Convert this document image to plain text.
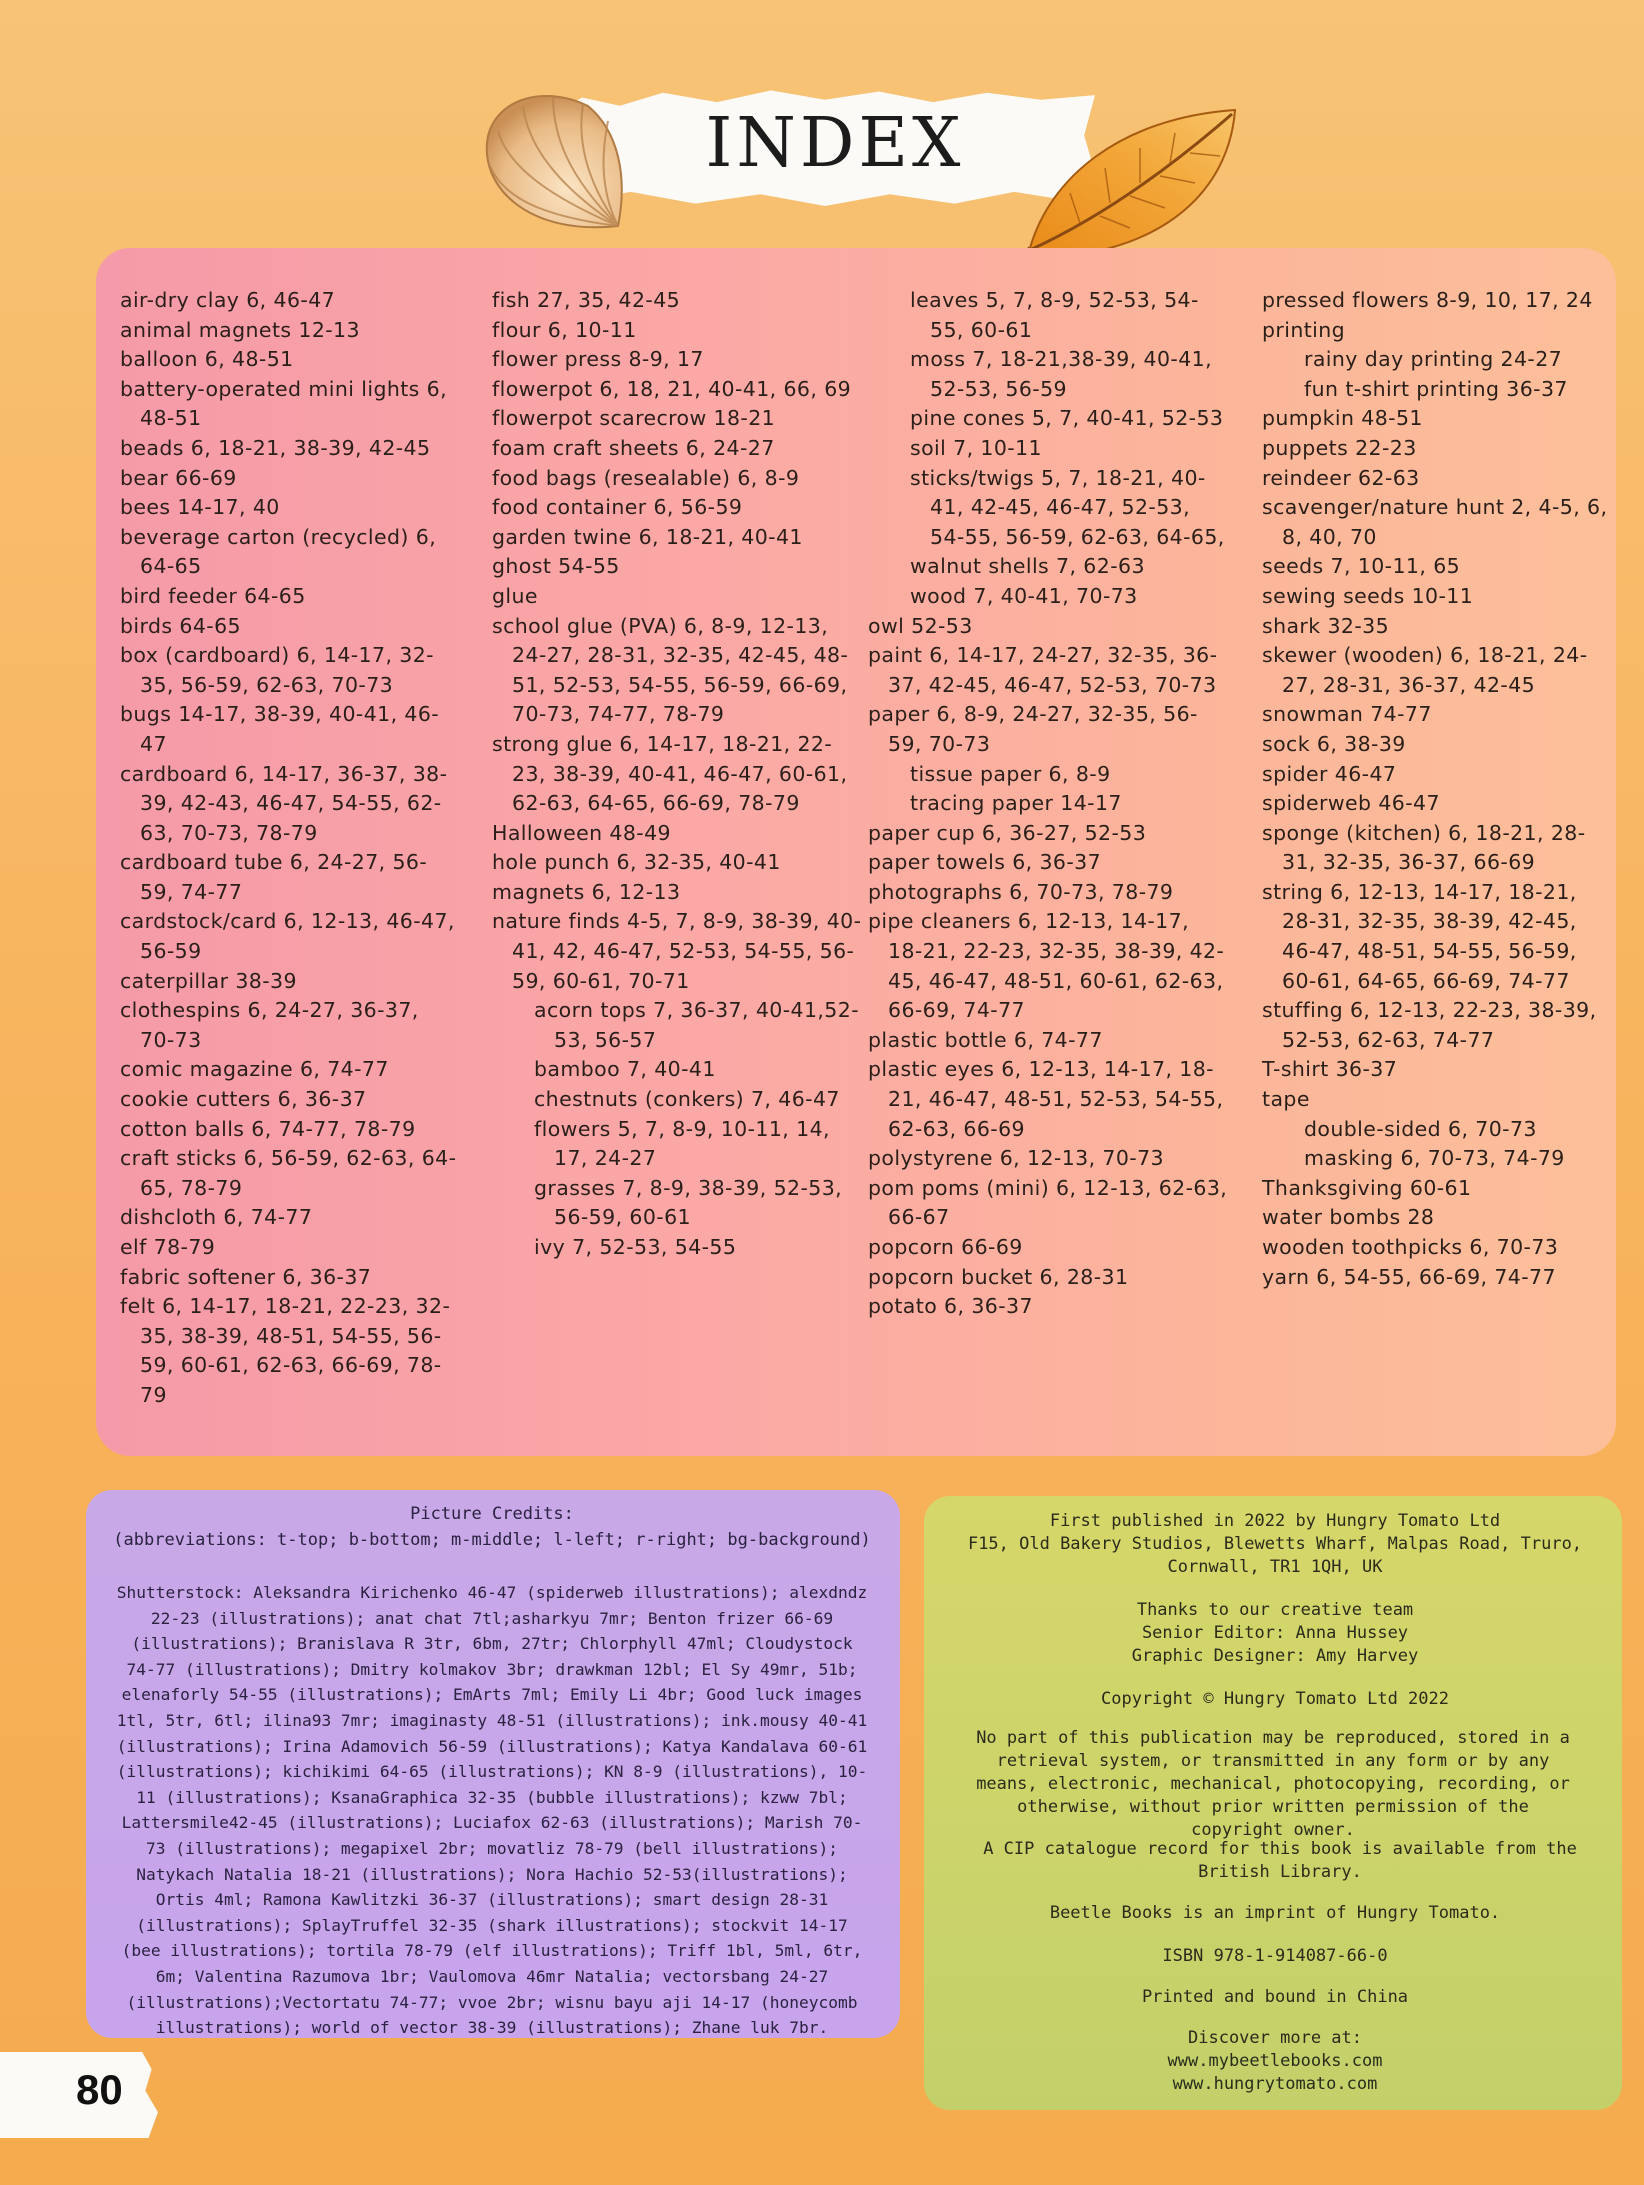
INDEX

air-dry clay 6, 46-47

animal magnets 12-13

balloon 6, 48-51

battery-operated mini lights 6, 48-51

beads 6, 18-21, 38-39, 42-45

bear 66-69

bees 14-17, 40

beverage carton (recycled) 6, 64-65

bird feeder 64-65

birds 64-65

box (cardboard) 6, 14-17, 32-35, 56-59, 62-63, 70-73

bugs 14-17, 38-39, 40-41, 46-47

cardboard 6, 14-17, 36-37, 38-39, 42-43, 46-47, 54-55, 62-63, 70-73, 78-79

cardboard tube 6, 24-27, 56-59, 74-77

cardstock/card 6, 12-13, 46-47, 56-59

caterpillar 38-39

clothespins 6, 24-27, 36-37, 70-73

comic magazine 6, 74-77

cookie cutters 6, 36-37

cotton balls 6, 74-77, 78-79

craft sticks 6, 56-59, 62-63, 64-65, 78-79

dishcloth 6, 74-77

elf 78-79

fabric softener 6, 36-37

felt 6, 14-17, 18-21, 22-23, 32-35, 38-39, 48-51, 54-55, 56-59, 60-61, 62-63, 66-69, 78-79

fish 27, 35, 42-45

flour 6, 10-11

flower press 8-9, 17

flowerpot 6, 18, 21, 40-41, 66, 69

flowerpot scarecrow 18-21

foam craft sheets 6, 24-27

food bags (resealable) 6, 8-9

food container 6, 56-59

garden twine 6, 18-21, 40-41

ghost 54-55

glue

school glue (PVA) 6, 8-9, 12-13, 24-27, 28-31, 32-35, 42-45, 48-51, 52-53, 54-55, 56-59, 66-69, 70-73, 74-77, 78-79

strong glue 6, 14-17, 18-21, 22-23, 38-39, 40-41, 46-47, 60-61, 62-63, 64-65, 66-69, 78-79

Halloween 48-49

hole punch 6, 32-35, 40-41

magnets 6, 12-13

nature finds 4-5, 7, 8-9, 38-39, 40-41, 42, 46-47, 52-53, 54-55, 56-59, 60-61, 70-71

acorn tops 7, 36-37, 40-41,52-53, 56-57

bamboo 7, 40-41

chestnuts (conkers) 7, 46-47

flowers 5, 7, 8-9, 10-11, 14, 17, 24-27

grasses 7, 8-9, 38-39, 52-53, 56-59, 60-61

ivy 7, 52-53, 54-55

leaves 5, 7, 8-9, 52-53, 54-55, 60-61

moss 7, 18-21,38-39, 40-41, 52-53, 56-59

pine cones 5, 7, 40-41, 52-53

soil 7, 10-11

sticks/twigs 5, 7, 18-21, 40-41, 42-45, 46-47, 52-53, 54-55, 56-59, 62-63, 64-65,

walnut shells 7, 62-63

wood 7, 40-41, 70-73

owl 52-53

paint 6, 14-17, 24-27, 32-35, 36-37, 42-45, 46-47, 52-53, 70-73

paper 6, 8-9, 24-27, 32-35, 56-59, 70-73

tissue paper 6, 8-9

tracing paper 14-17

paper cup 6, 36-27, 52-53

paper towels 6, 36-37

photographs 6, 70-73, 78-79

pipe cleaners 6, 12-13, 14-17, 18-21, 22-23, 32-35, 38-39, 42-45, 46-47, 48-51, 60-61, 62-63, 66-69, 74-77

plastic bottle 6, 74-77

plastic eyes 6, 12-13, 14-17, 18-21, 46-47, 48-51, 52-53, 54-55, 62-63, 66-69

polystyrene 6, 12-13, 70-73

pom poms (mini) 6, 12-13, 62-63, 66-67

popcorn 66-69

popcorn bucket 6, 28-31

potato 6, 36-37

pressed flowers 8-9, 10, 17, 24

printing

rainy day printing 24-27

fun t-shirt printing 36-37

pumpkin 48-51

puppets 22-23

reindeer 62-63

scavenger/nature hunt 2, 4-5, 6, 8, 40, 70

seeds 7, 10-11, 65

sewing seeds 10-11

shark 32-35

skewer (wooden) 6, 18-21, 24-27, 28-31, 36-37, 42-45

snowman 74-77

sock 6, 38-39

spider 46-47

spiderweb 46-47

sponge (kitchen) 6, 18-21, 28-31, 32-35, 36-37, 66-69

string 6, 12-13, 14-17, 18-21, 28-31, 32-35, 38-39, 42-45, 46-47, 48-51, 54-55, 56-59, 60-61, 64-65, 66-69, 74-77

stuffing 6, 12-13, 22-23, 38-39, 52-53, 62-63, 74-77

T-shirt 36-37

tape

double-sided 6, 70-73

masking 6, 70-73, 74-79

Thanksgiving 60-61

water bombs 28

wooden toothpicks 6, 70-73

yarn 6, 54-55, 66-69, 74-77

Picture Credits:
(abbreviations: t-top; b-bottom; m-middle; l-left; r-right; bg-background)
Shutterstock: Aleksandra Kirichenko 46-47 (spiderweb illustrations); alexdndz 22-23 (illustrations); anat chat 7tl;asharkyu 7mr; Benton frizer 66-69 (illustrations); Branislava R 3tr, 6bm, 27tr; Chlorphyll 47ml; Cloudystock 74-77 (illustrations); Dmitry kolmakov 3br; drawkman 12bl; El Sy 49mr, 51b; elenaforly 54-55 (illustrations); EmArts 7ml; Emily Li 4br; Good luck images 1tl, 5tr, 6tl; ilina93 7mr; imaginasty 48-51 (illustrations); ink.mousy 40-41 (illustrations); Irina Adamovich 56-59 (illustrations); Katya Kandalava 60-61 (illustrations); kichikimi 64-65 (illustrations); KN 8-9 (illustrations), 10-11 (illustrations); KsanaGraphica 32-35 (bubble illustrations); kzww 7bl; Lattersmile42-45 (illustrations); Luciafox 62-63 (illustrations); Marish 70-73 (illustrations); megapixel 2br; movatliz 78-79 (bell illustrations); Natykach Natalia 18-21 (illustrations); Nora Hachio 52-53(illustrations); Ortis 4ml; Ramona Kawlitzki 36-37 (illustrations); smart design 28-31 (illustrations); SplayTruffel 32-35 (shark illustrations); stockvit 14-17 (bee illustrations); tortila 78-79 (elf illustrations); Triff 1bl, 5ml, 6tr, 6m; Valentina Razumova 1br; Vaulomova 46mr Natalia; vectorsbang 24-27 (illustrations);Vectortatu 74-77; vvoe 2br; wisnu bayu aji 14-17 (honeycomb illustrations); world of vector 38-39 (illustrations); Zhane luk 7br.

First published in 2022 by Hungry Tomato Ltd

F15, Old Bakery Studios, Blewetts Wharf, Malpas Road, Truro,

Cornwall, TR1 1QH, UK

Thanks to our creative team

Senior Editor: Anna Hussey

Graphic Designer: Amy Harvey

Copyright © Hungry Tomato Ltd 2022
No part of this publication may be reproduced, stored in a retrieval system, or transmitted in any form or by any means, electronic, mechanical, photocopying, recording, or otherwise, without prior written permission of the copyright owner.
A CIP catalogue record for this book is available from the British Library.
Beetle Books is an imprint of Hungry Tomato.
ISBN 978-1-914087-66-0
Printed and bound in China

Discover more at:

www.mybeetlebooks.com

www.hungrytomato.com

80
